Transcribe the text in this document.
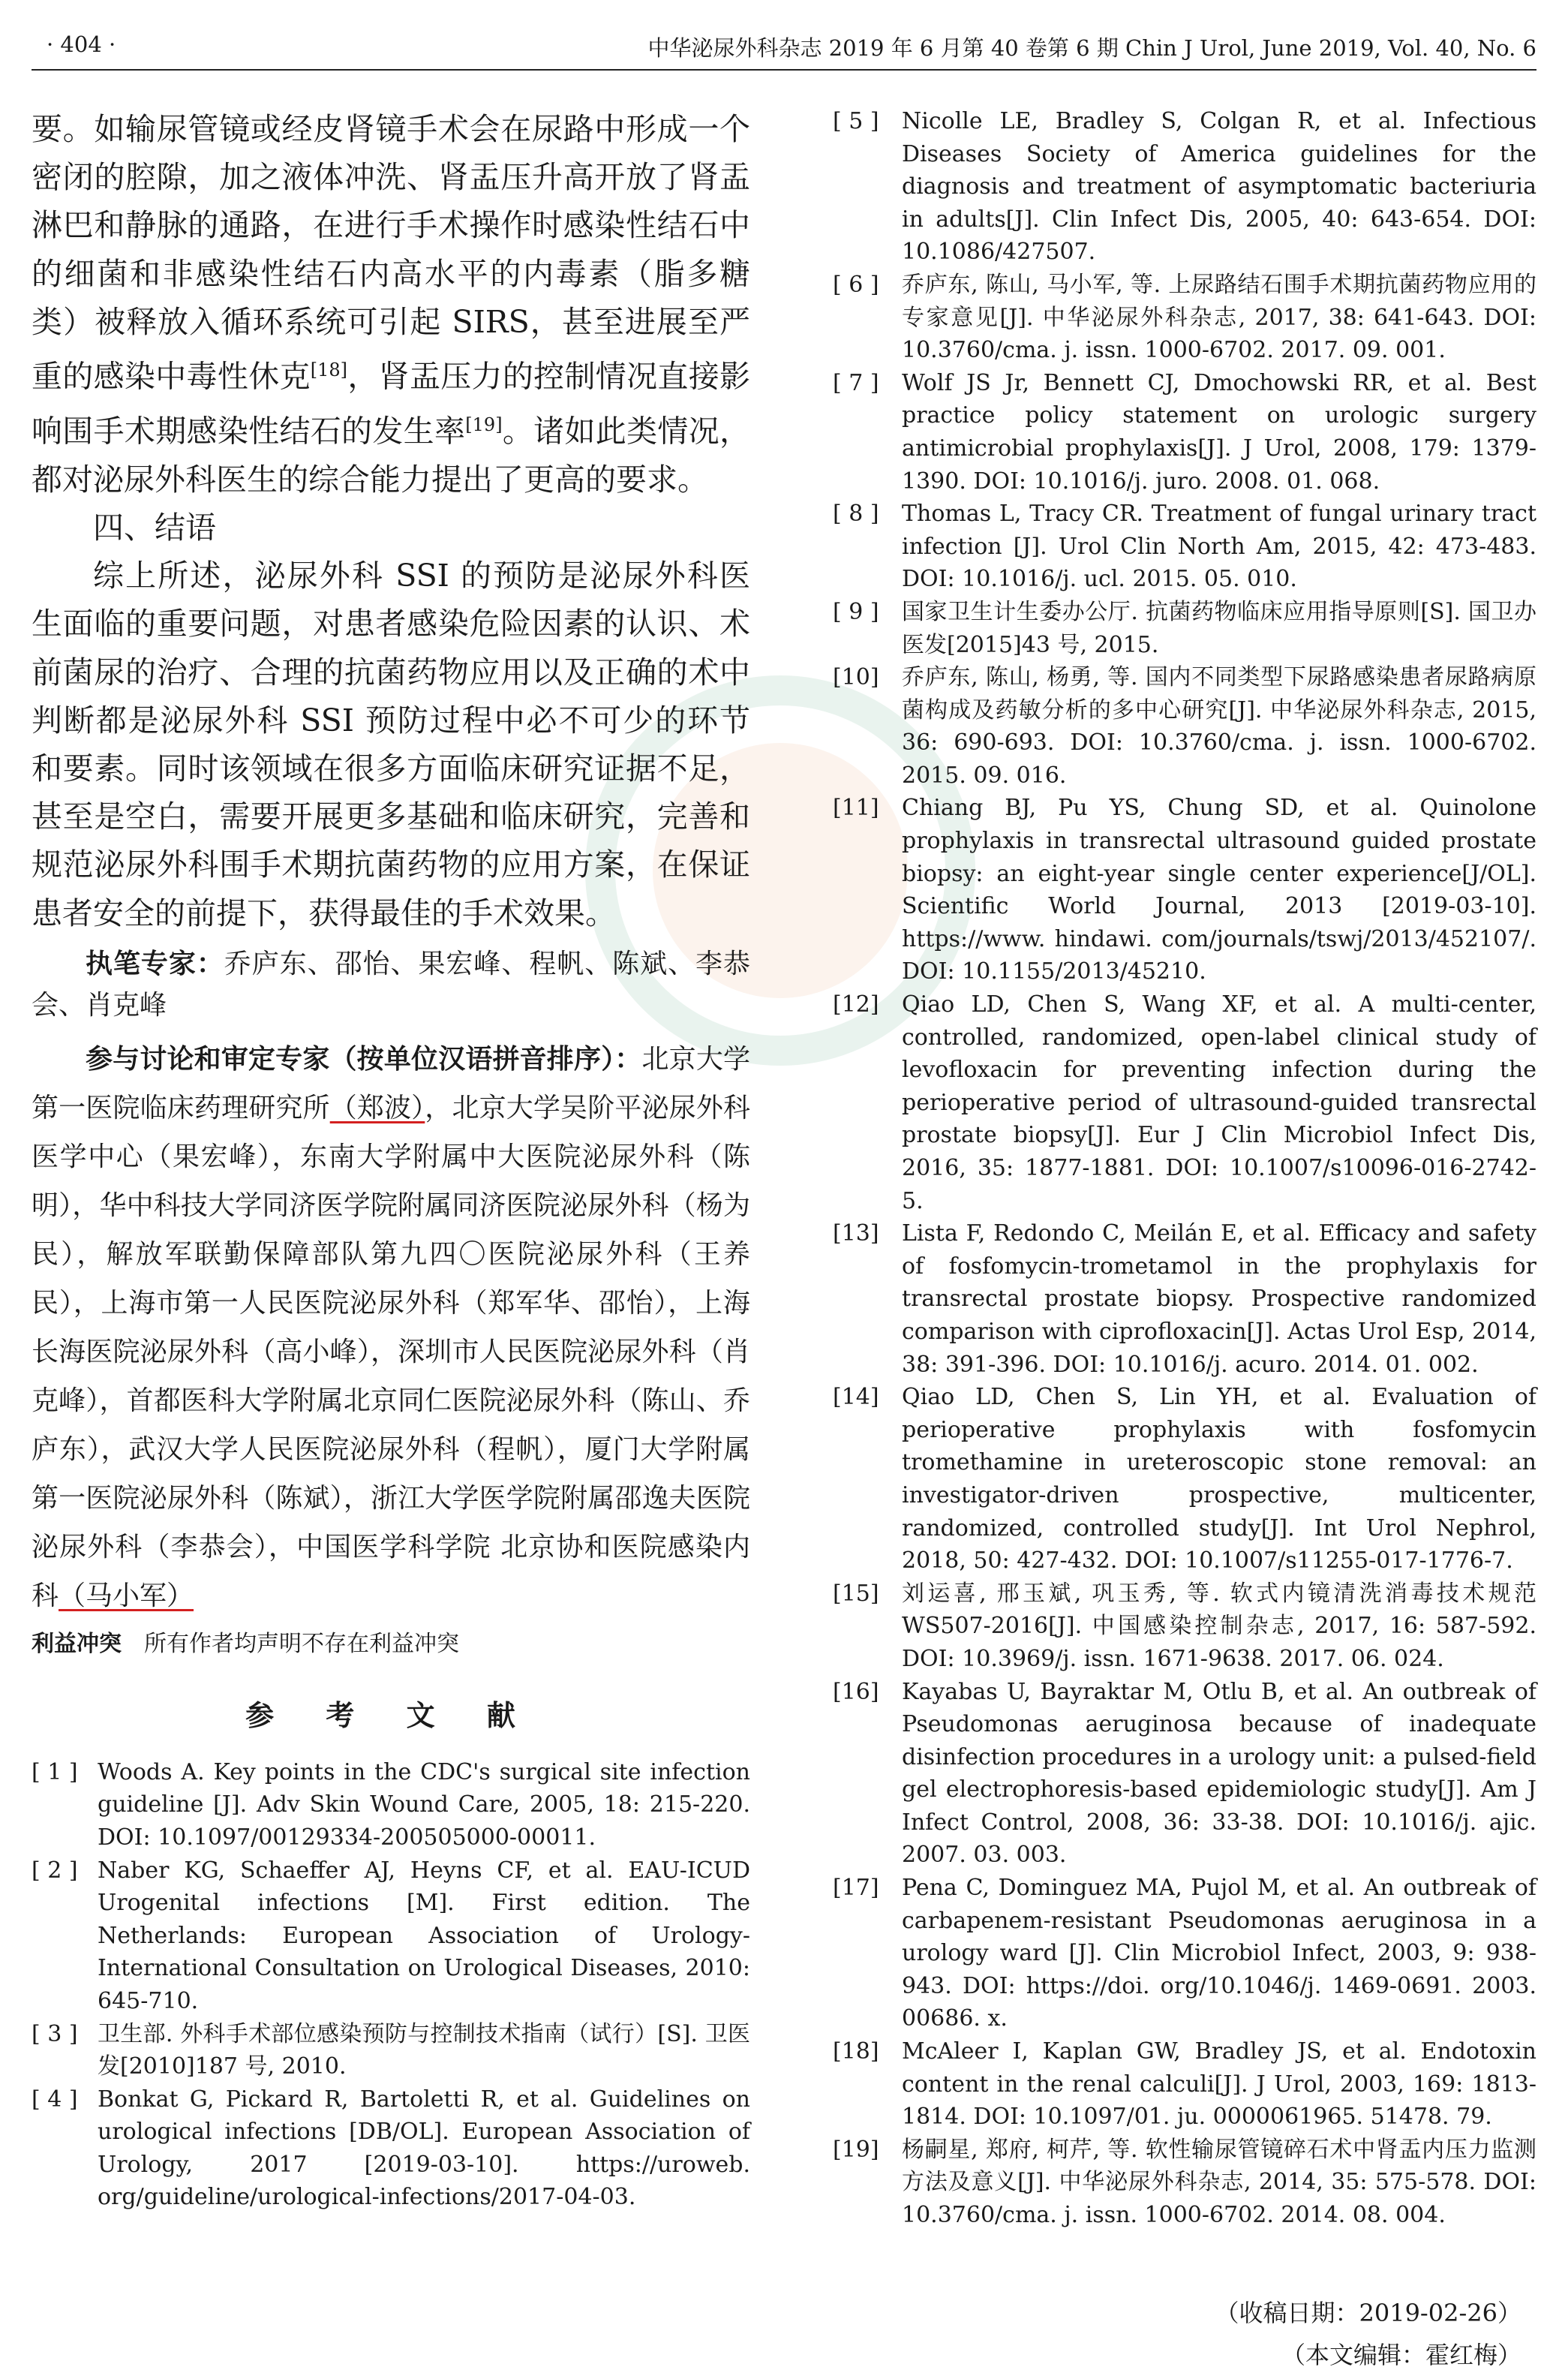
· 404 ·	中华泌尿外科杂志 2019 年 6 月第 40 卷第 6 期 Chin J Urol, June 2019, Vol. 40, No. 6

要。如输尿管镜或经皮肾镜手术会在尿路中形成一个密闭的腔隙，加之液体冲洗、肾盂压升高开放了肾盂淋巴和静脉的通路，在进行手术操作时感染性结石中的细菌和非感染性结石内高水平的内毒素（脂多糖类）被释放入循环系统可引起 SIRS，甚至进展至严重的感染中毒性休克[18]，肾盂压力的控制情况直接影响围手术期感染性结石的发生率[19]。诸如此类情况，都对泌尿外科医生的综合能力提出了更高的要求。

四、结语

综上所述，泌尿外科 SSI 的预防是泌尿外科医生面临的重要问题，对患者感染危险因素的认识、术前菌尿的治疗、合理的抗菌药物应用以及正确的术中判断都是泌尿外科 SSI 预防过程中必不可少的环节和要素。同时该领域在很多方面临床研究证据不足，甚至是空白，需要开展更多基础和临床研究，完善和规范泌尿外科围手术期抗菌药物的应用方案，在保证患者安全的前提下，获得最佳的手术效果。

执笔专家：乔庐东、邵怡、果宏峰、程帆、陈斌、李恭会、肖克峰
参与讨论和审定专家（按单位汉语拼音排序）：北京大学第一医院临床药理研究所（郑波），北京大学吴阶平泌尿外科医学中心（果宏峰），东南大学附属中大医院泌尿外科（陈明），华中科技大学同济医学院附属同济医院泌尿外科（杨为民），解放军联勤保障部队第九四〇医院泌尿外科（王养民），上海市第一人民医院泌尿外科（郑军华、邵怡），上海长海医院泌尿外科（高小峰），深圳市人民医院泌尿外科（肖克峰），首都医科大学附属北京同仁医院泌尿外科（陈山、乔庐东），武汉大学人民医院泌尿外科（程帆），厦门大学附属第一医院泌尿外科（陈斌），浙江大学医学院附属邵逸夫医院泌尿外科（李恭会），中国医学科学院 北京协和医院感染内科（马小军）
利益冲突 所有作者均声明不存在利益冲突
参 考 文 献
[ 1 ] Woods A. Key points in the CDC's surgical site infection guideline [J]. Adv Skin Wound Care, 2005, 18: 215-220. DOI: 10.1097/00129334-200505000-00011.
[ 2 ] Naber KG, Schaeffer AJ, Heyns CF, et al. EAU-ICUD Urogenital infections [M]. First edition. The Netherlands: European Association of Urology-International Consultation on Urological Diseases, 2010: 645-710.
[ 3 ] 卫生部. 外科手术部位感染预防与控制技术指南（试行）[S]. 卫医发[2010]187 号, 2010.
[ 4 ] Bonkat G, Pickard R, Bartoletti R, et al. Guidelines on urological infections [DB/OL]. European Association of Urology, 2017 [2019-03-10]. https://uroweb. org/guideline/urological-infections/2017-04-03.
[ 5 ]	Nicolle LE, Bradley S, Colgan R, et al. Infectious Diseases Society of America guidelines for the diagnosis and treatment of asymptomatic bacteriuria in adults[J]. Clin Infect Dis, 2005, 40: 643-654. DOI: 10.1086/427507.
[ 6 ]	乔庐东, 陈山, 马小军, 等. 上尿路结石围手术期抗菌药物应用的专家意见[J]. 中华泌尿外科杂志, 2017, 38: 641-643. DOI: 10.3760/cma. j. issn. 1000-6702. 2017. 09. 001.
[ 7 ]	Wolf JS Jr, Bennett CJ, Dmochowski RR, et al. Best practice policy statement on urologic surgery antimicrobial prophylaxis[J]. J Urol, 2008, 179: 1379-1390. DOI: 10.1016/j. juro. 2008. 01. 068.
[ 8 ]	Thomas L, Tracy CR. Treatment of fungal urinary tract infection [J]. Urol Clin North Am, 2015, 42: 473-483. DOI: 10.1016/j. ucl. 2015. 05. 010.
[ 9 ]	国家卫生计生委办公厅. 抗菌药物临床应用指导原则[S]. 国卫办医发[2015]43 号, 2015.
[10]	乔庐东, 陈山, 杨勇, 等. 国内不同类型下尿路感染患者尿路病原菌构成及药敏分析的多中心研究[J]. 中华泌尿外科杂志, 2015, 36: 690-693. DOI: 10.3760/cma. j. issn. 1000-6702. 2015. 09. 016.
[11]	Chiang BJ, Pu YS, Chung SD, et al. Quinolone prophylaxis in transrectal ultrasound guided prostate biopsy: an eight-year single center experience[J/OL]. Scientific World Journal, 2013 [2019-03-10]. https://www. hindawi. com/journals/tswj/2013/452107/. DOI: 10.1155/2013/45210.
[12]	Qiao LD, Chen S, Wang XF, et al. A multi-center, controlled, randomized, open-label clinical study of levofloxacin for preventing infection during the perioperative period of ultrasound-guided transrectal prostate biopsy[J]. Eur J Clin Microbiol Infect Dis, 2016, 35: 1877-1881. DOI: 10.1007/s10096-016-2742-5.
[13]	Lista F, Redondo C, Meilán E, et al. Efficacy and safety of fosfomycin-trometamol in the prophylaxis for transrectal prostate biopsy. Prospective randomized comparison with ciprofloxacin[J]. Actas Urol Esp, 2014, 38: 391-396. DOI: 10.1016/j. acuro. 2014. 01. 002.
[14]	Qiao LD, Chen S, Lin YH, et al. Evaluation of perioperative prophylaxis with fosfomycin tromethamine in ureteroscopic stone removal: an investigator-driven prospective, multicenter, randomized, controlled study[J]. Int Urol Nephrol, 2018, 50: 427-432. DOI: 10.1007/s11255-017-1776-7.
[15]	刘运喜, 邢玉斌, 巩玉秀, 等. 软式内镜清洗消毒技术规范 WS507-2016[J]. 中国感染控制杂志, 2017, 16: 587-592. DOI: 10.3969/j. issn. 1671-9638. 2017. 06. 024.
[16]	Kayabas U, Bayraktar M, Otlu B, et al. An outbreak of Pseudomonas aeruginosa because of inadequate disinfection procedures in a urology unit: a pulsed-field gel electrophoresis-based epidemiologic study[J]. Am J Infect Control, 2008, 36: 33-38. DOI: 10.1016/j. ajic. 2007. 03. 003.
[17]	Pena C, Dominguez MA, Pujol M, et al. An outbreak of carbapenem-resistant Pseudomonas aeruginosa in a urology ward [J]. Clin Microbiol Infect, 2003, 9: 938-943. DOI: https://doi. org/10.1046/j. 1469-0691. 2003. 00686. x.
[18]	McAleer I, Kaplan GW, Bradley JS, et al. Endotoxin content in the renal calculi[J]. J Urol, 2003, 169: 1813-1814. DOI: 10.1097/01. ju. 0000061965. 51478. 79.
[19]	杨嗣星, 郑府, 柯芹, 等. 软性输尿管镜碎石术中肾盂内压力监测方法及意义[J]. 中华泌尿外科杂志, 2014, 35: 575-578. DOI: 10.3760/cma. j. issn. 1000-6702. 2014. 08. 004.
（收稿日期：2019-02-26）
（本文编辑：霍红梅）
